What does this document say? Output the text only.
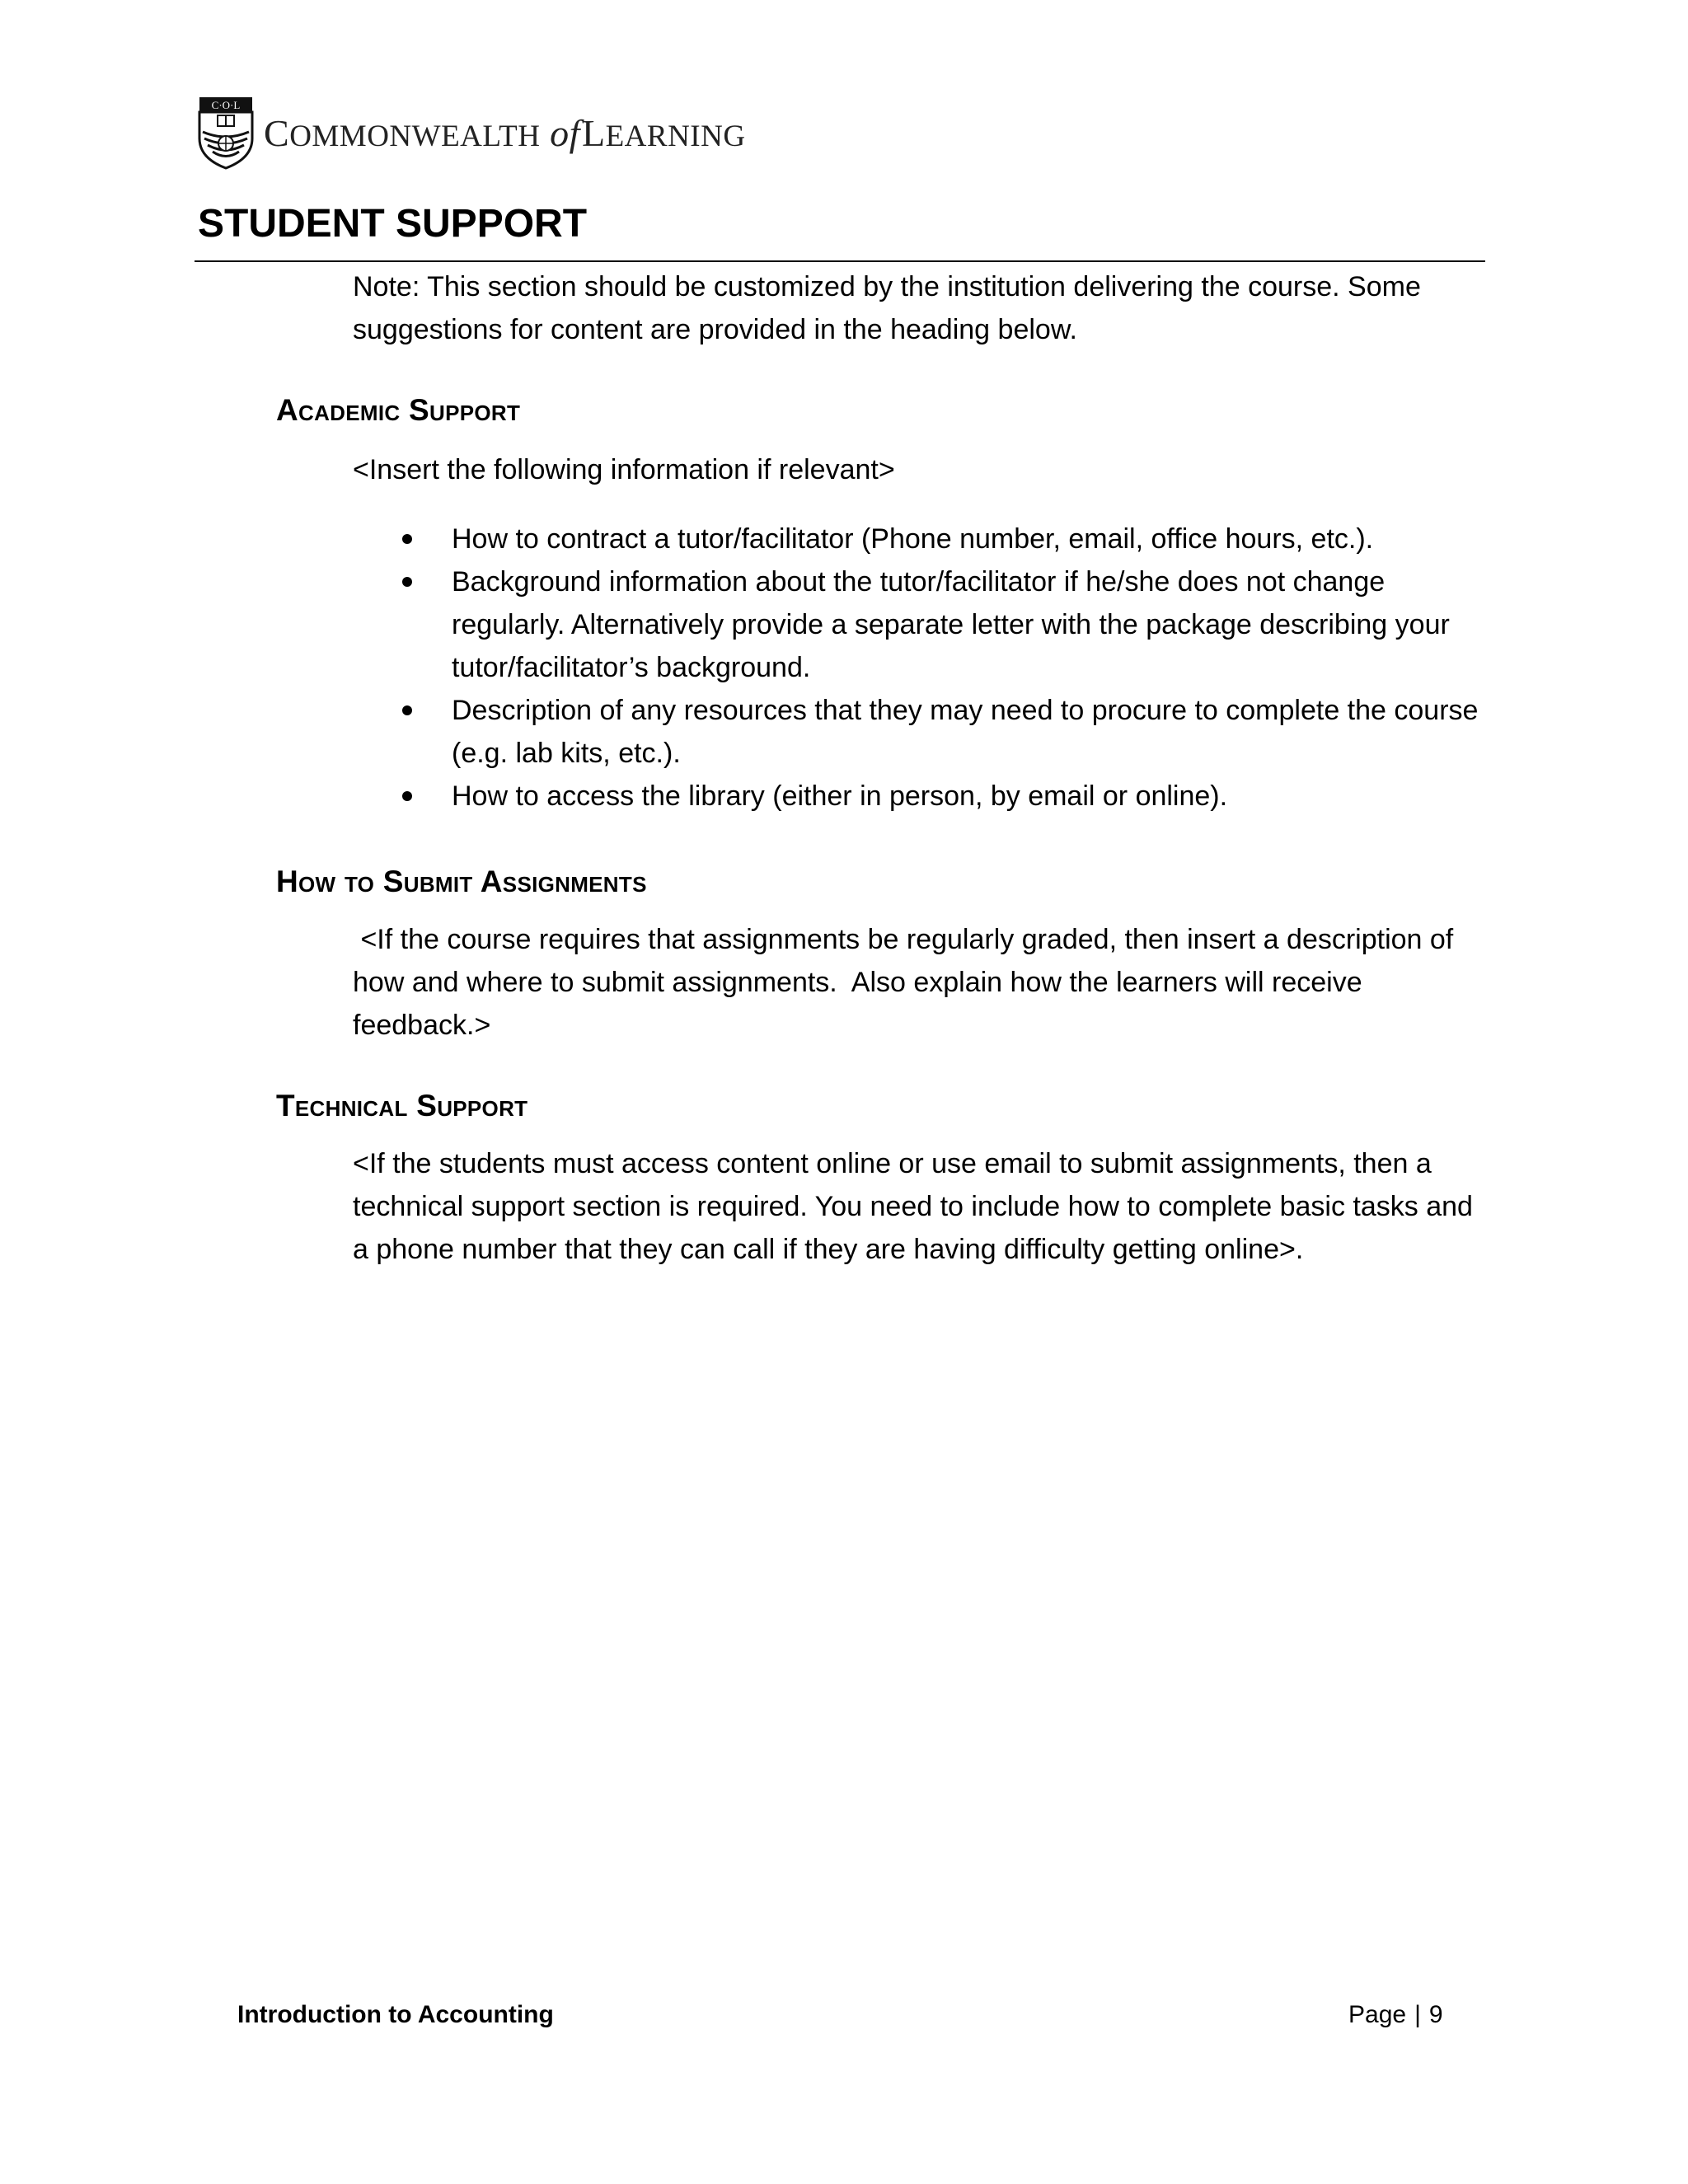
C·O·L
COMMONWEALTH ofLEARNING
STUDENT SUPPORT

Note: This section should be customized by the institution delivering the course. Some suggestions for content are provided in the heading below.

Academic Support

<Insert the following information if relevant>

How to contract a tutor/facilitator (Phone number, email, office hours, etc.).
Background information about the tutor/facilitator if he/she does not change regularly. Alternatively provide a separate letter with the package describing your tutor/facilitator’s background.
Description of any resources that they may need to procure to complete the course (e.g. lab kits, etc.).
How to access the library (either in person, by email or online).
How to Submit Assignments

<If the course requires that assignments be regularly graded, then insert a description of how and where to submit assignments.  Also explain how the learners will receive feedback.>

Technical Support

<If the students must access content online or use email to submit assignments, then a technical support section is required. You need to include how to complete basic tasks and a phone number that they can call if they are having difficulty getting online>.

Introduction to Accounting	Page | 9
